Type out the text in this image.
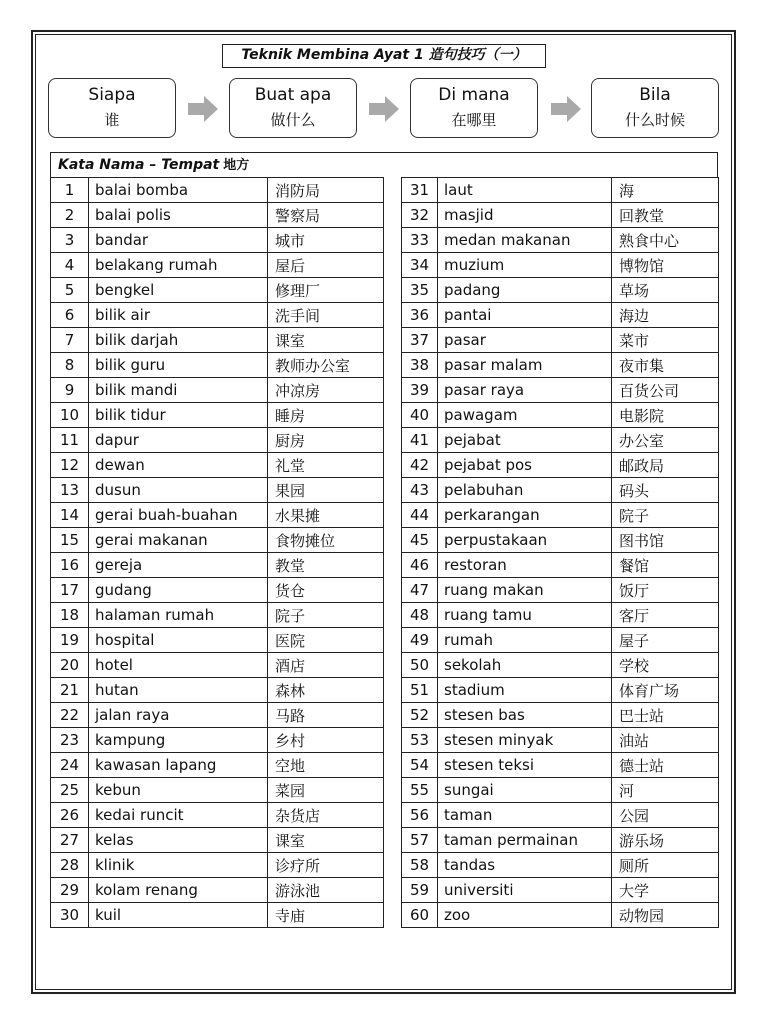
Teknik Membina Ayat 1 造句技巧（一）
Siapa
谁
Buat apa
做什么
Di mana
在哪里
Bila
什么时候
Kata Nama – Tempat 地方
1	balai bomba	消防局		31	laut	海
2	balai polis	警察局		32	masjid	回教堂
3	bandar	城市		33	medan makanan	熟食中心
4	belakang rumah	屋后		34	muzium	博物馆
5	bengkel	修理厂		35	padang	草场
6	bilik air	洗手间		36	pantai	海边
7	bilik darjah	课室		37	pasar	菜市
8	bilik guru	教师办公室		38	pasar malam	夜市集
9	bilik mandi	冲凉房		39	pasar raya	百货公司
10	bilik tidur	睡房		40	pawagam	电影院
11	dapur	厨房		41	pejabat	办公室
12	dewan	礼堂		42	pejabat pos	邮政局
13	dusun	果园		43	pelabuhan	码头
14	gerai buah-buahan	水果摊		44	perkarangan	院子
15	gerai makanan	食物摊位		45	perpustakaan	图书馆
16	gereja	教堂		46	restoran	餐馆
17	gudang	货仓		47	ruang makan	饭厅
18	halaman rumah	院子		48	ruang tamu	客厅
19	hospital	医院		49	rumah	屋子
20	hotel	酒店		50	sekolah	学校
21	hutan	森林		51	stadium	体育广场
22	jalan raya	马路		52	stesen bas	巴士站
23	kampung	乡村		53	stesen minyak	油站
24	kawasan lapang	空地		54	stesen teksi	德士站
25	kebun	菜园		55	sungai	河
26	kedai runcit	杂货店		56	taman	公园
27	kelas	课室		57	taman permainan	游乐场
28	klinik	诊疗所		58	tandas	厕所
29	kolam renang	游泳池		59	universiti	大学
30	kuil	寺庙		60	zoo	动物园
